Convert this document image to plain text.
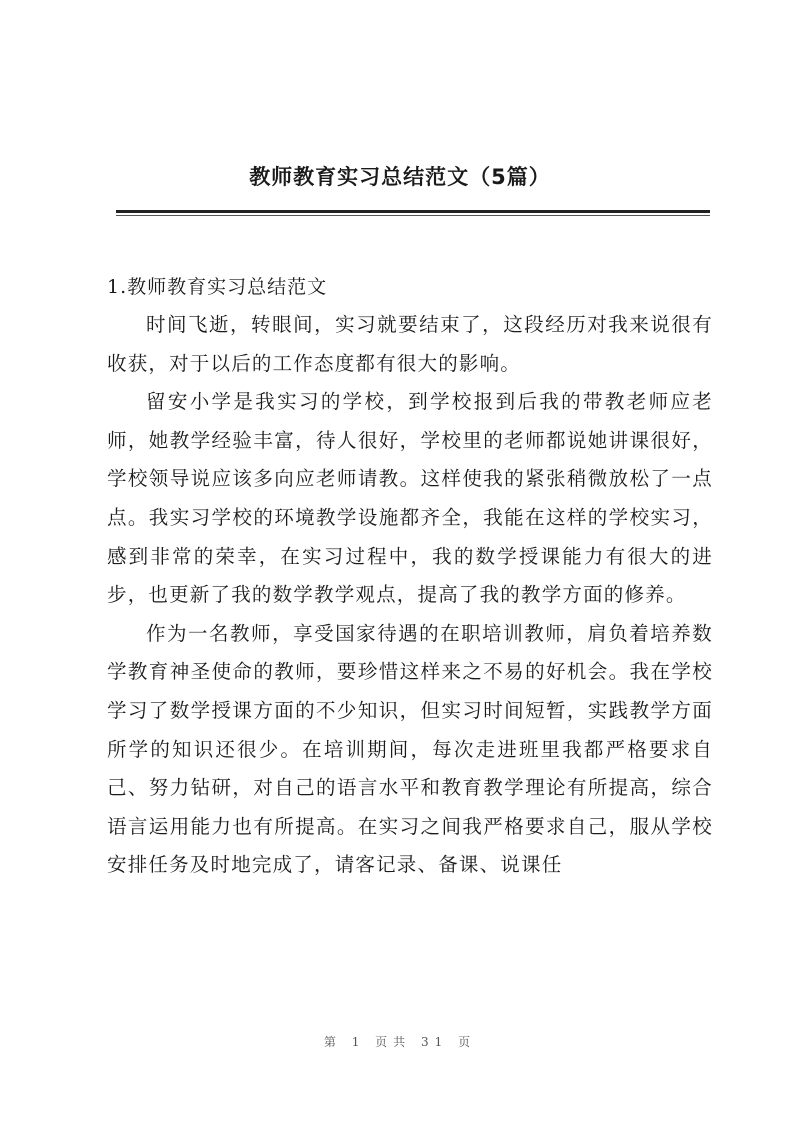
教师教育实习总结范文（5篇）

1.教师教育实习总结范文

时间飞逝，转眼间，实习就要结束了，这段经历对我来说很有收获，对于以后的工作态度都有很大的影响。

留安小学是我实习的学校，到学校报到后我的带教老师应老师，她教学经验丰富，待人很好，学校里的老师都说她讲课很好，学校领导说应该多向应老师请教。这样使我的紧张稍微放松了一点点。我实习学校的环境教学设施都齐全，我能在这样的学校实习，感到非常的荣幸，在实习过程中，我的数学授课能力有很大的进步，也更新了我的数学教学观点，提高了我的教学方面的修养。

作为一名教师，享受国家待遇的在职培训教师，肩负着培养数学教育神圣使命的教师，要珍惜这样来之不易的好机会。我在学校学习了数学授课方面的不少知识，但实习时间短暂，实践教学方面所学的知识还很少。在培训期间，每次走进班里我都严格要求自己、努力钻研，对自己的语言水平和教育教学理论有所提高，综合语言运用能力也有所提高。在实习之间我严格要求自己，服从学校安排任务及时地完成了，请客记录、备课、说课任

第 1 页共 31 页
